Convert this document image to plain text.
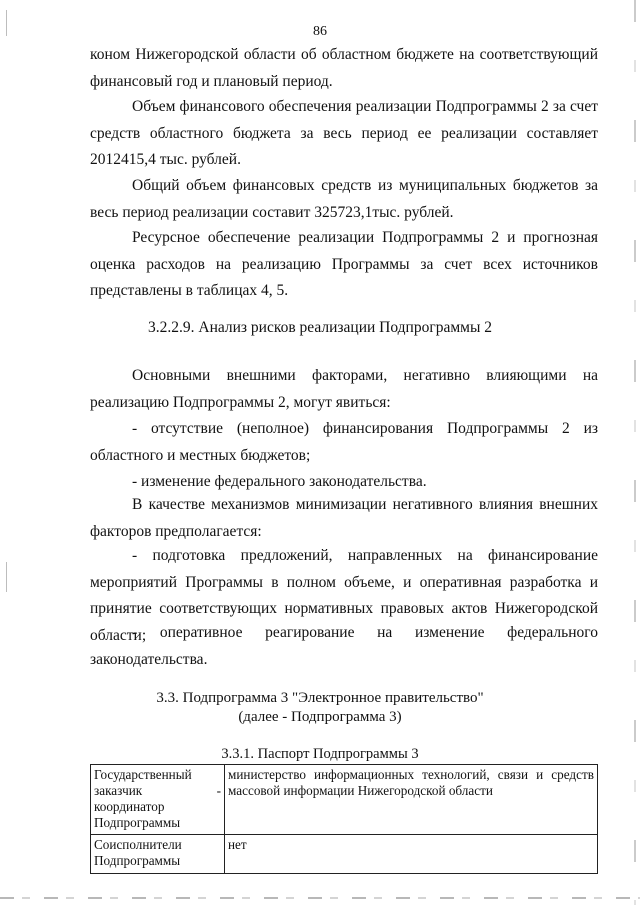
86

коном Нижегородской области об областном бюджете на соответствующий финансовый год и плановый период.

Объем финансового обеспечения реализации Подпрограммы 2 за счет средств областного бюджета за весь период ее реализации составляет 2012415,4 тыс. рублей.

Общий объем финансовых средств из муниципальных бюджетов за весь период реализации составит 325723,1тыс. рублей.

Ресурсное обеспечение реализации Подпрограммы 2 и прогнозная оценка расходов на реализацию Программы за счет всех источников представлены в таблицах 4, 5.

3.2.2.9. Анализ рисков реализации Подпрограммы 2

Основными внешними факторами, негативно влияющими на реализацию Подпрограммы 2, могут явиться:

- отсутствие (неполное) финансирования Подпрограммы 2 из областного и местных бюджетов;

- изменение федерального законодательства.

В качестве механизмов минимизации негативного влияния внешних факторов предполагается:

- подготовка предложений, направленных на финансирование мероприятий Программы в полном объеме, и оперативная разработка и принятие соответствующих нормативных правовых актов Нижегородской области;

- оперативное реагирование на изменение федерального законодательства.

3.3. Подпрограмма 3 "Электронное правительство"
(далее - Подпрограмма 3)
3.3.1. Паспорт Подпрограммы 3
Государственный заказчик - координатор Подпрограммы	министерство информационных технологий, связи и средств массовой информации Нижегородской области
Соисполнители Подпрограммы	нет
